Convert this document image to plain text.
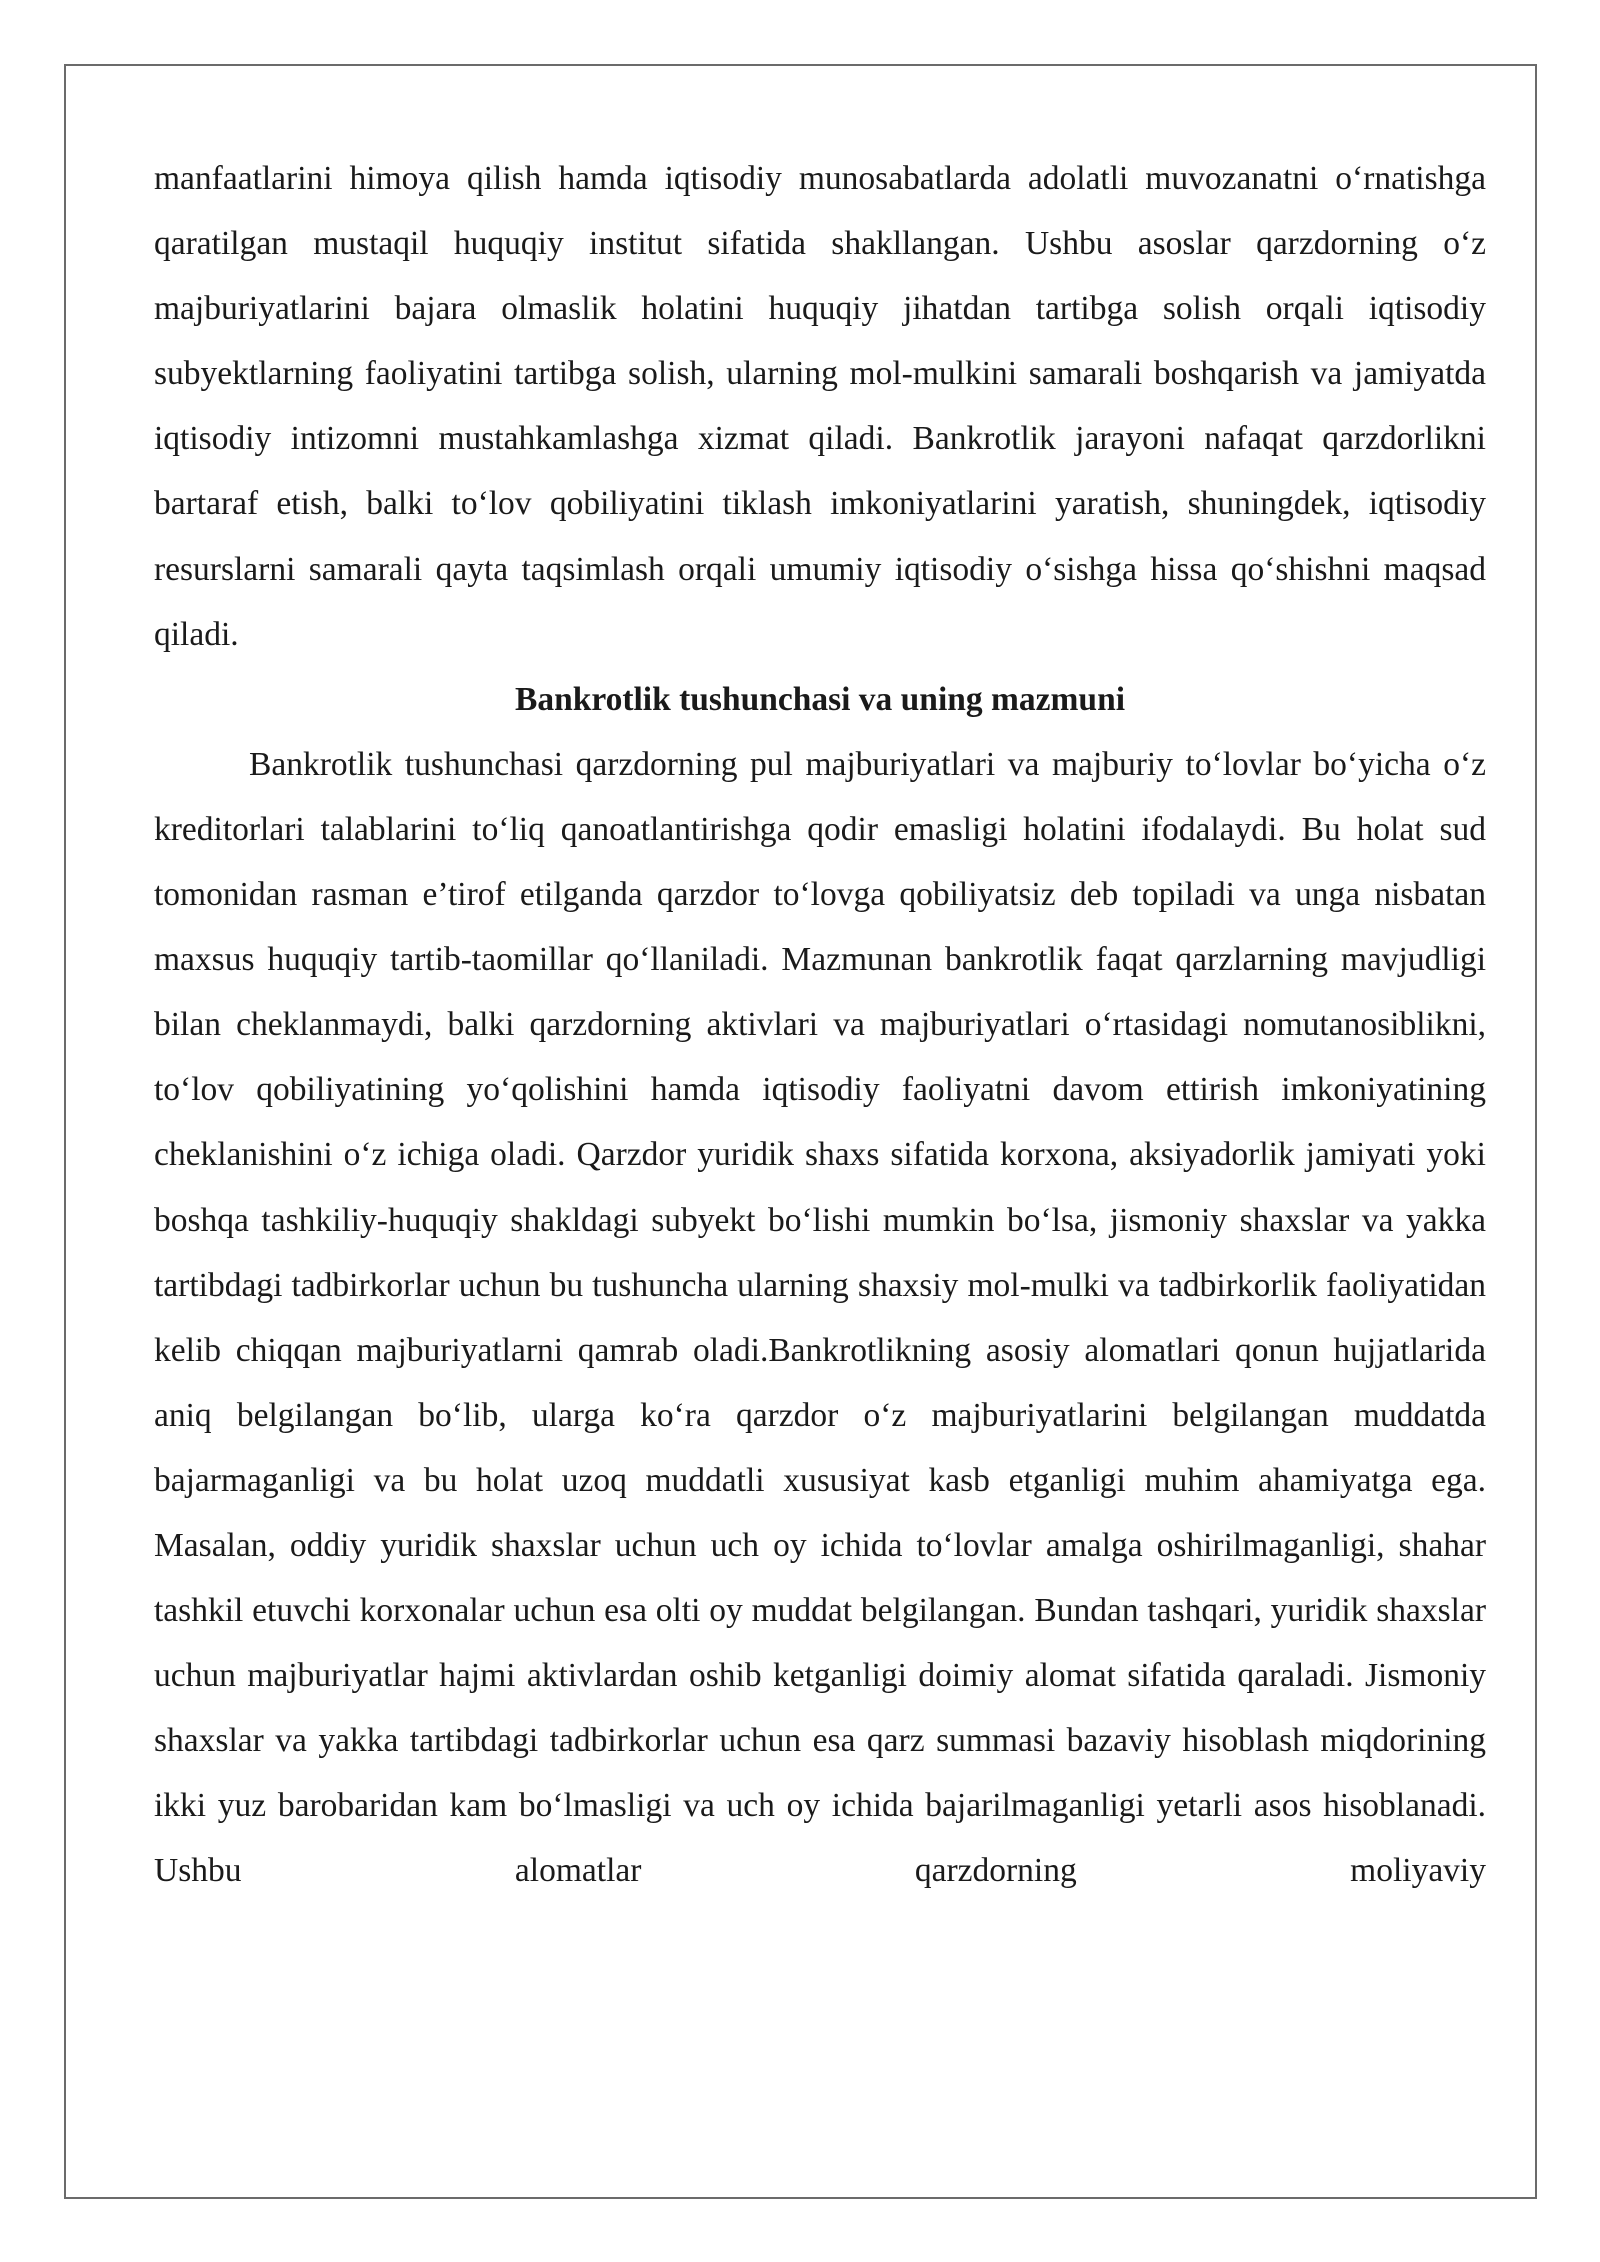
manfaatlarini himoya qilish hamda iqtisodiy munosabatlarda adolatli muvozanatni oʻrnatishga qaratilgan mustaqil huquqiy institut sifatida shakllangan. Ushbu asoslar qarzdorning oʻz majburiyatlarini bajara olmaslik holatini huquqiy jihatdan tartibga solish orqali iqtisodiy subyektlarning faoliyatini tartibga solish, ularning mol-mulkini samarali boshqarish va jamiyatda iqtisodiy intizomni mustahkamlashga xizmat qiladi. Bankrotlik jarayoni nafaqat qarzdorlikni bartaraf etish, balki toʻlov qobiliyatini tiklash imkoniyatlarini yaratish, shuningdek, iqtisodiy resurslarni samarali qayta taqsimlash orqali umumiy iqtisodiy oʻsishga hissa qoʻshishni maqsad qiladi.

Bankrotlik tushunchasi va uning mazmuni

Bankrotlik tushunchasi qarzdorning pul majburiyatlari va majburiy toʻlovlar boʻyicha oʻz kreditorlari talablarini toʻliq qanoatlantirishga qodir emasligi holatini ifodalaydi. Bu holat sud tomonidan rasman e’tirof etilganda qarzdor toʻlovga qobiliyatsiz deb topiladi va unga nisbatan maxsus huquqiy tartib-taomillar qoʻllaniladi. Mazmunan bankrotlik faqat qarzlarning mavjudligi bilan cheklanmaydi, balki qarzdorning aktivlari va majburiyatlari oʻrtasidagi nomutanosiblikni, toʻlov qobiliyatining yoʻqolishini hamda iqtisodiy faoliyatni davom ettirish imkoniyatining cheklanishini oʻz ichiga oladi. Qarzdor yuridik shaxs sifatida korxona, aksiyadorlik jamiyati yoki boshqa tashkiliy-huquqiy shakldagi subyekt boʻlishi mumkin boʻlsa, jismoniy shaxslar va yakka tartibdagi tadbirkorlar uchun bu tushuncha ularning shaxsiy mol-mulki va tadbirkorlik faoliyatidan kelib chiqqan majburiyatlarni qamrab oladi.Bankrotlikning asosiy alomatlari qonun hujjatlarida aniq belgilangan boʻlib, ularga koʻra qarzdor oʻz majburiyatlarini belgilangan muddatda bajarmaganligi va bu holat uzoq muddatli xususiyat kasb etganligi muhim ahamiyatga ega. Masalan, oddiy yuridik shaxslar uchun uch oy ichida toʻlovlar amalga oshirilmaganligi, shahar tashkil etuvchi korxonalar uchun esa olti oy muddat belgilangan. Bundan tashqari, yuridik shaxslar uchun majburiyatlar hajmi aktivlardan oshib ketganligi doimiy alomat sifatida qaraladi. Jismoniy shaxslar va yakka tartibdagi tadbirkorlar uchun esa qarz summasi bazaviy hisoblash miqdorining ikki yuz barobaridan kam boʻlmasligi va uch oy ichida bajarilmaganligi yetarli asos hisoblanadi. Ushbu alomatlar qarzdorning moliyaviy
